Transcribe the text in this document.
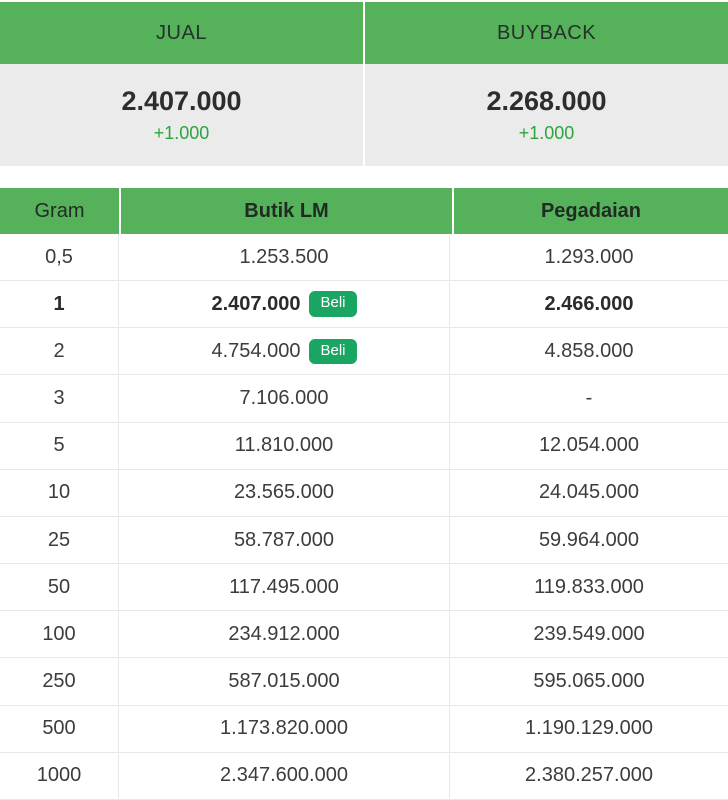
JUAL	BUYBACK
2.407.000
+1.000
2.268.000
+1.000
Gram	Butik LM	Pegadaian
0,5	1.253.500	1.293.000
1	2.407.000	Beli	2.466.000
2	4.754.000	Beli	4.858.000
3	7.106.000	-
5	11.810.000	12.054.000
10	23.565.000	24.045.000
25	58.787.000	59.964.000
50	117.495.000	119.833.000
100	234.912.000	239.549.000
250	587.015.000	595.065.000
500	1.173.820.000	1.190.129.000
1000	2.347.600.000	2.380.257.000
